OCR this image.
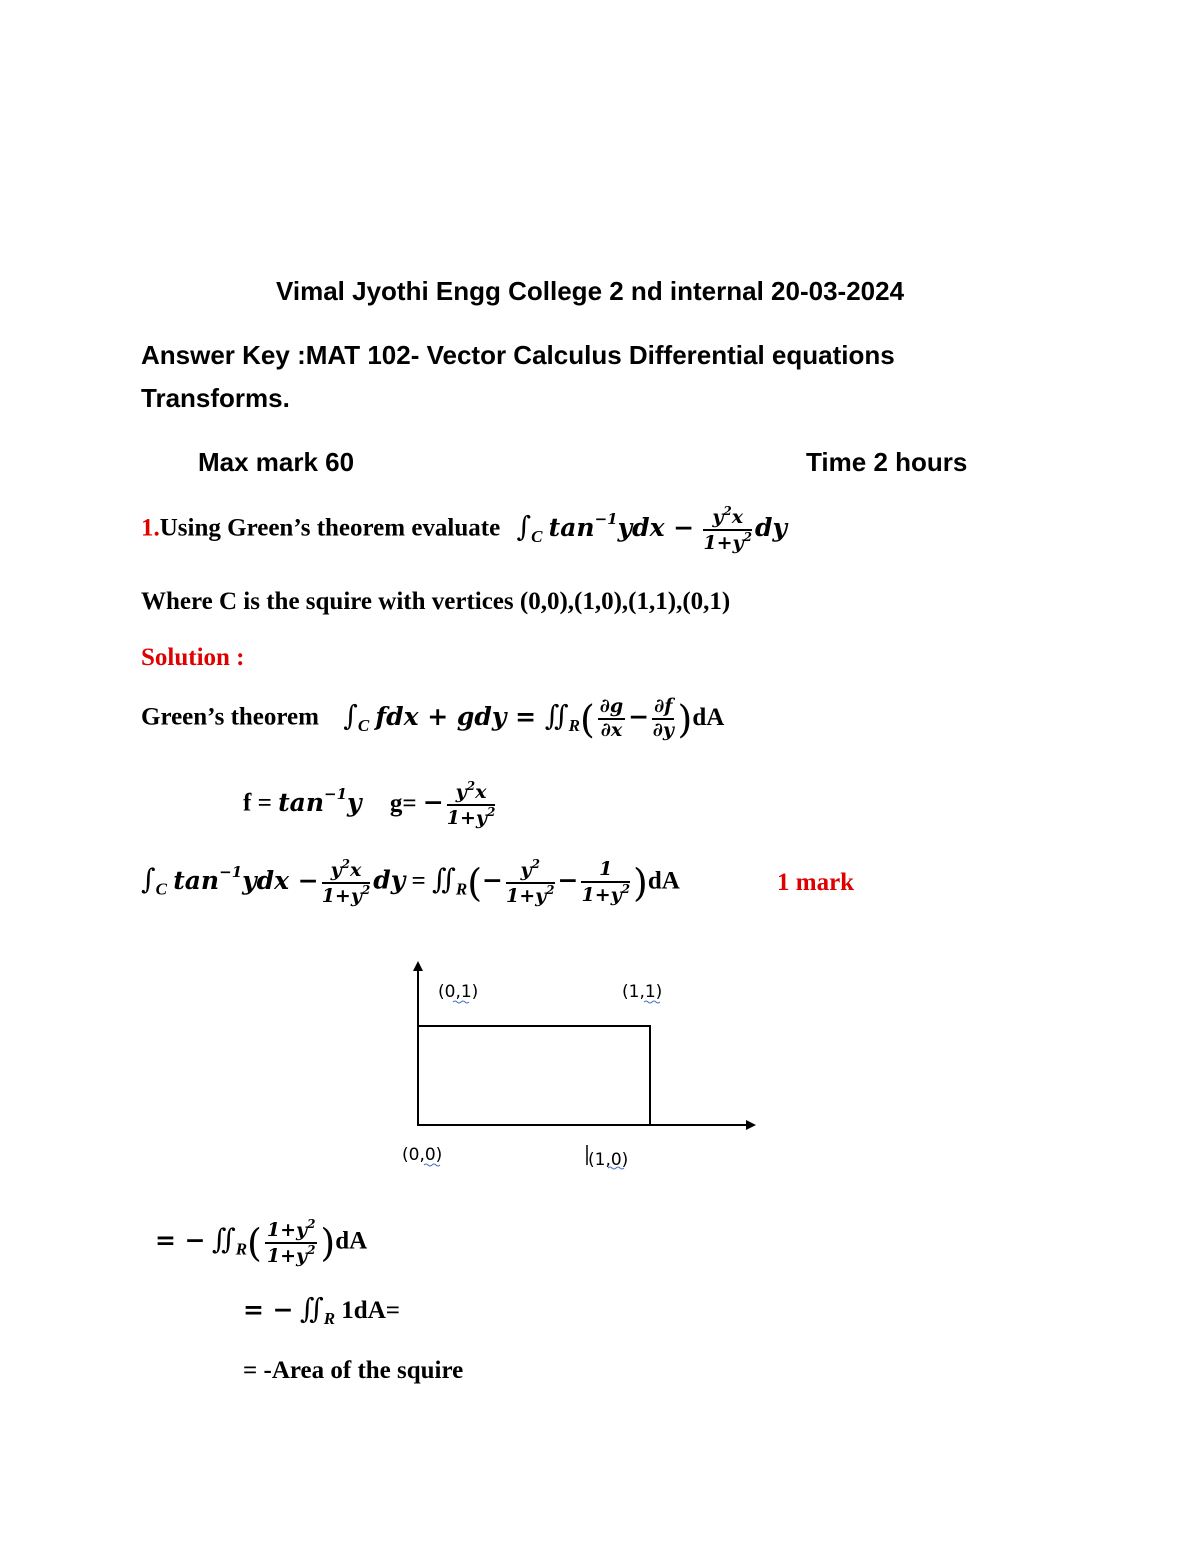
Vimal Jyothi Engg College 2 nd internal 20-03-2024
Answer Key :MAT 102- Vector Calculus Differential equations
Transforms.
Max mark 60	Time 2 hours
1.Using Green’s theorem evaluate $\int_C$ $\tan^{-1}ydx - \frac{y^2x}{1+y^2}$ dy
Where C is the squire with vertices (0,0),(1,0),(1,1),(0,1)
Solution :
Green’s theorem $\int_C$ fdx + gdy = $∬_R( \frac{\partial g}{\partial x} - \frac{\partial f}{\partial y} )dA$
$f = \tan^{-1}y$ $g= - \frac{y^2x}{1+y^2}$
$\int_C$ $\tan^{-1}ydx - \frac{y^2x}{1+y^2}$ dy = $∬_R(- \frac{y^2}{1+y^2} - \frac{1}{1+y^2} )dA$	1 mark
(0,1)	(1,1)
(0,0)	(1,0)
= − $∬_R( \frac{1+y^2}{1+y^2} )dA$
= − $∬_R$ 1dA=
= -Area of the squire
